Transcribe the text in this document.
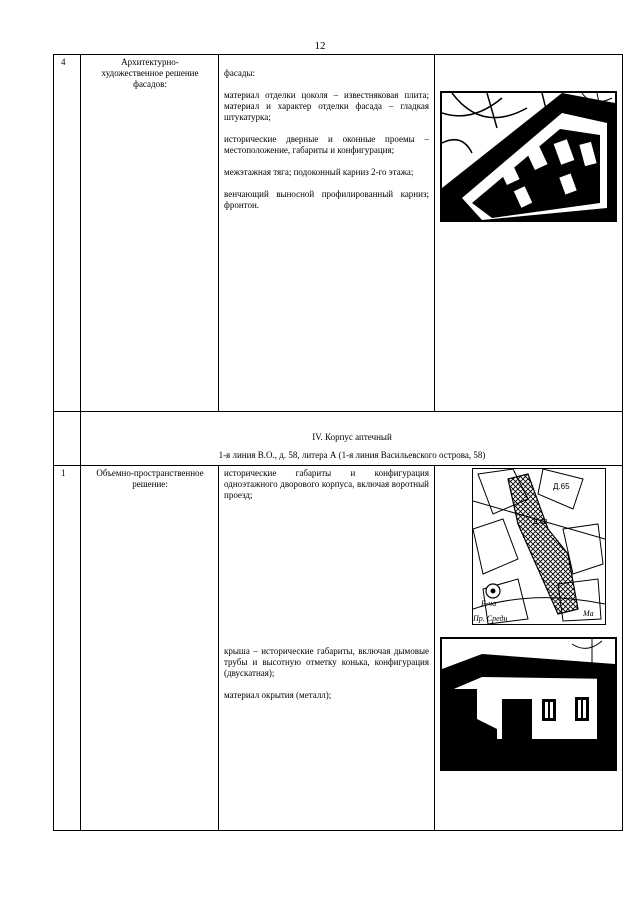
12
4	Архитектурно-художественное решение фасадов:

фасады:

материал отделки цоколя – известняковая плита; материал и характер отделки фасада – гладкая штукатурка;

исторические дверные и оконные проемы – местоположение, габариты и конфигурация;

межэтажная тяга; подоконный карниз 2-го этажа;

венчающий выносной профилированный карниз; фронтон.

IV. Корпус аптечный
1-я линия В.О., д. 58, литера А (1-я линия Васильевского острова, 58)
1	Объемно-пространственное решение:

исторические габариты и конфигурация одноэтажного дворового корпуса, включая воротный проезд;

крыша – исторические габариты, включая дымовые трубы и высотную отметку конька, конфигурация (двускатная);

материал окрытия (металл);

Д.65
Д.62
Б-ча
Пр. Средн
Ma
